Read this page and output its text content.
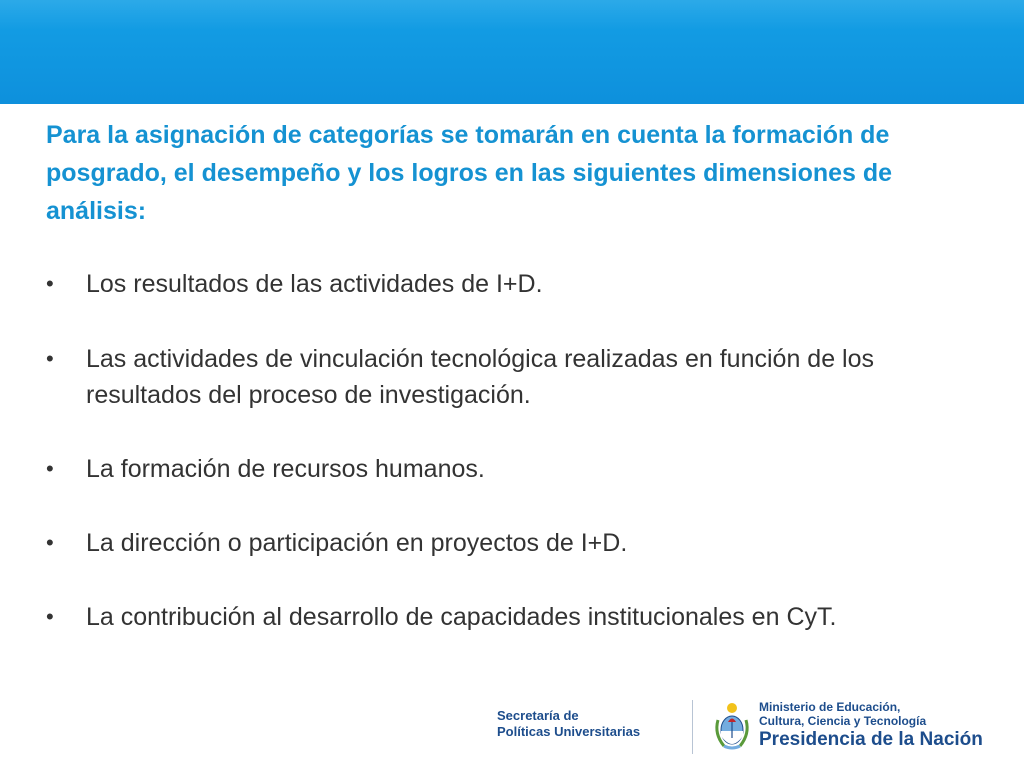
Para la asignación de categorías se tomarán en cuenta la formación de posgrado, el desempeño y los logros en las siguientes dimensiones de análisis:

•	Los resultados de las actividades de I+D.
•	Las actividades de vinculación tecnológica realizadas en función de los resultados del proceso de investigación.
•	La formación de recursos humanos.
•	La dirección o participación en proyectos de I+D.
•	La contribución al desarrollo de capacidades institucionales en CyT.
Secretaría de
Políticas Universitarias
Ministerio de Educación,
Cultura, Ciencia y Tecnología
Presidencia de la Nación
